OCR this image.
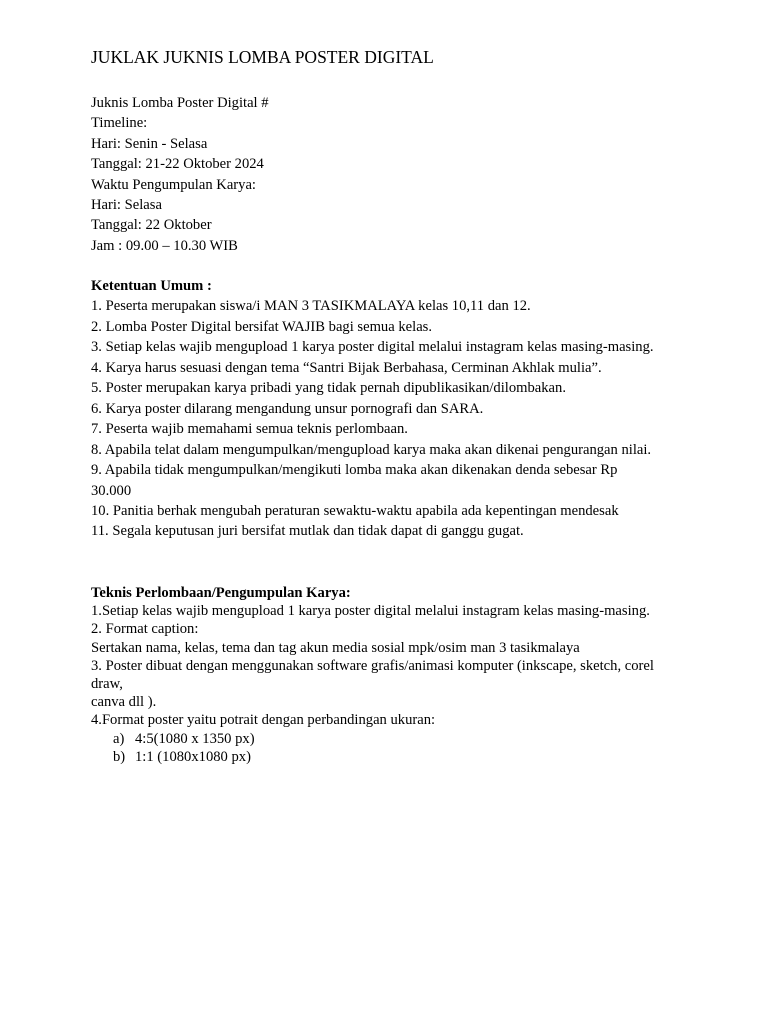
JUKLAK JUKNIS LOMBA POSTER DIGITAL
Juknis Lomba Poster Digital #
Timeline:
Hari: Senin - Selasa
Tanggal: 21-22 Oktober 2024
Waktu Pengumpulan Karya:
Hari: Selasa
Tanggal: 22 Oktober
Jam : 09.00 – 10.30 WIB
Ketentuan Umum :
1. Peserta merupakan siswa/i MAN 3 TASIKMALAYA kelas 10,11 dan 12.
2. Lomba Poster Digital bersifat WAJIB bagi semua kelas.
3. Setiap kelas wajib mengupload 1 karya poster digital melalui instagram kelas masing-masing.
4. Karya harus sesuasi dengan tema “Santri Bijak Berbahasa, Cerminan Akhlak mulia”.
5. Poster merupakan karya pribadi yang tidak pernah dipublikasikan/dilombakan.
6. Karya poster dilarang mengandung unsur pornografi dan SARA.
7. Peserta wajib memahami semua teknis perlombaan.
8. Apabila telat dalam mengumpulkan/mengupload karya maka akan dikenai pengurangan nilai.
9. Apabila tidak mengumpulkan/mengikuti lomba maka akan dikenakan denda sebesar Rp
30.000
10. Panitia berhak mengubah peraturan sewaktu-waktu apabila ada kepentingan mendesak
11. Segala keputusan juri bersifat mutlak dan tidak dapat di ganggu gugat.
Teknis Perlombaan/Pengumpulan Karya:
1.Setiap kelas wajib mengupload 1 karya poster digital melalui instagram kelas masing-masing.
2. Format caption:
Sertakan nama, kelas, tema dan tag akun media sosial mpk/osim man 3 tasikmalaya
3. Poster dibuat dengan menggunakan software grafis/animasi komputer (inkscape, sketch, corel
draw,
canva dll ).
4.Format poster yaitu potrait dengan perbandingan ukuran:
a) 4:5(1080 x 1350 px)
b) 1:1 (1080x1080 px)
